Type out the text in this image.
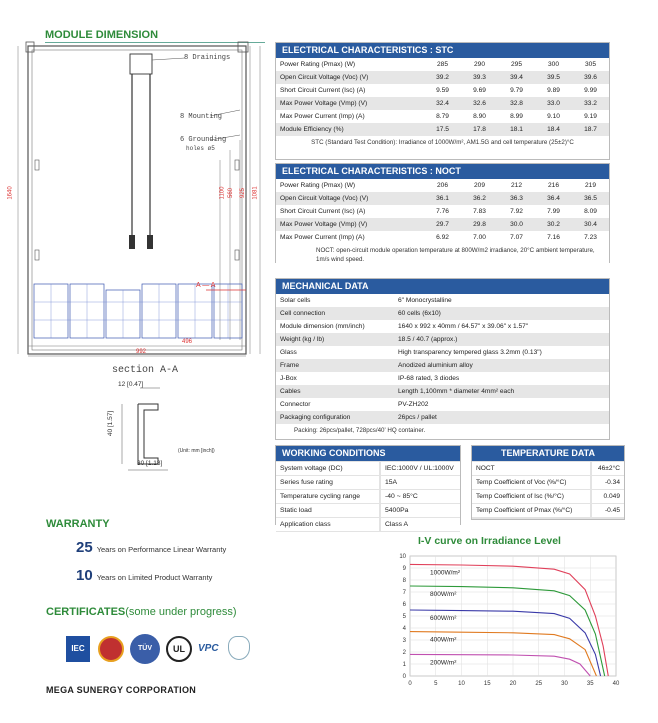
MODULE DIMENSION
8 Drainings
8 Mounting
6 Grounding
holes ø5
1640	1081
925
560
1100
A — A
496
992
section A-A
12 [0.47]
40 [1.57]
30 [1.18]
(Unit: mm [inch])
ELECTRICAL CHARACTERISTICS : STC
Power Rating (Pmax) (W)	285	290	295	300	305
Open Circuit Voltage (Voc) (V)	39.2	39.3	39.4	39.5	39.6
Short Circuit Current (Isc) (A)	9.59	9.69	9.79	9.89	9.99
Max Power Voltage (Vmp) (V)	32.4	32.6	32.8	33.0	33.2
Max Power Current (Imp) (A)	8.79	8.90	8.99	9.10	9.19
Module Efficiency (%)	17.5	17.8	18.1	18.4	18.7
STC (Standard Test Condition): Irradiance of 1000W/m², AM1.5G and cell temperature (25±2)°C
ELECTRICAL CHARACTERISTICS : NOCT
Power Rating (Pmax) (W)	206	209	212	216	219
Open Circuit Voltage (Voc) (V)	36.1	36.2	36.3	36.4	36.5
Short Circuit Current (Isc) (A)	7.76	7.83	7.92	7.99	8.09
Max Power Voltage (Vmp) (V)	29.7	29.8	30.0	30.2	30.4
Max Power Current (Imp) (A)	6.92	7.00	7.07	7.16	7.23
NOCT: open-circuit module operation temperature at 800W/m2 irradiance, 20°C ambient temperature, 1m/s wind speed.
MECHANICAL DATA
Solar cells	6" Monocrystalline
Cell connection	60 cells (6x10)
Module dimension (mm/inch)	1640 x 992 x 40mm / 64.57" x 39.06" x 1.57"
Weight (kg / lb)	18.5 / 40.7 (approx.)
Glass	High transparency tempered glass 3.2mm (0.13")
Frame	Anodized aluminium alloy
J-Box	IP-68 rated, 3 diodes
Cables	Length 1,100mm * diameter 4mm² each
Connector	PV-ZH202
Packaging configuration	26pcs / pallet
Packing: 26pcs/pallet, 728pcs/40' HQ container.
WORKING CONDITIONS
System voltage (DC)	IEC:1000V / UL:1000V
Series fuse rating	15A
Temperature cycling range	-40 ~ 85°C
Static load	5400Pa
Application class	Class A
TEMPERATURE DATA
NOCT	46±2°C
Temp Coefficient of Voc (%/°C)	-0.34
Temp Coefficient of Isc (%/°C)	0.049
Temp Coefficient of Pmax (%/°C)	-0.45
WARRANTY
25 Years on Performance Linear Warranty
10 Years on Limited Product Warranty
CERTIFICATES(some under progress)
IEC	TÜV	UL	VPC
MEGA SUNERGY CORPORATION
I-V curve on Irradiance Level
0	5	10	15	20	25	30	35	40
0
1
2
3
4
5
6
7
8
9
10
1000W/m²
800W/m²
600W/m²
400W/m²
200W/m²
